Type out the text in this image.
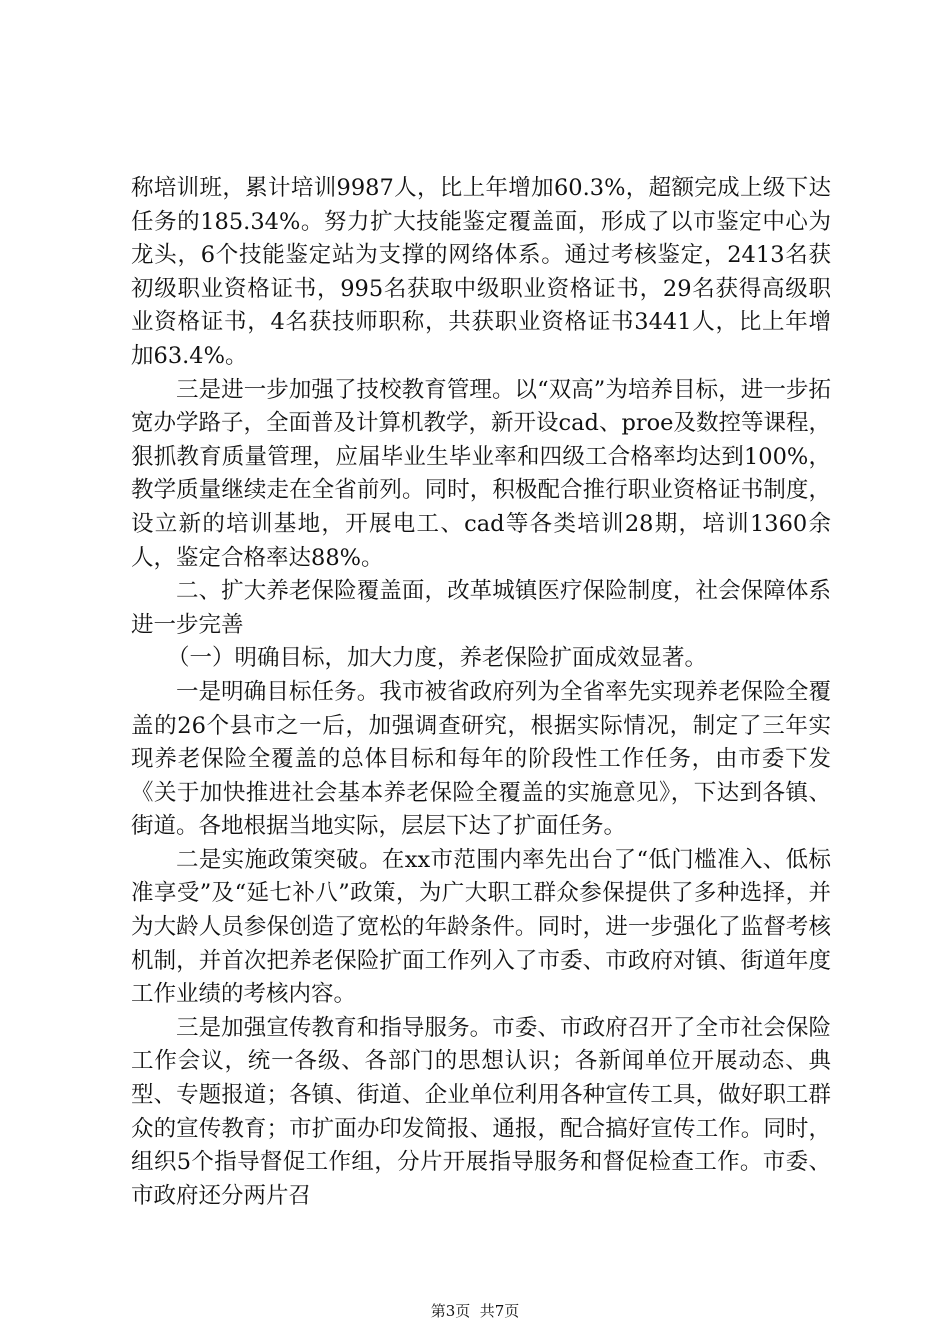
称培训班，累计培训9987人，比上年增加60.3%，超额完成上级下达任务的185.34%。努力扩大技能鉴定覆盖面，形成了以市鉴定中心为龙头，6个技能鉴定站为支撑的网络体系。通过考核鉴定，2413名获初级职业资格证书，995名获取中级职业资格证书，29名获得高级职业资格证书，4名获技师职称，共获职业资格证书3441人，比上年增加63.4%。

三是进一步加强了技校教育管理。以“双高”为培养目标，进一步拓宽办学路子，全面普及计算机教学，新开设cad、proe及数控等课程，狠抓教育质量管理，应届毕业生毕业率和四级工合格率均达到100%，教学质量继续走在全省前列。同时，积极配合推行职业资格证书制度，设立新的培训基地，开展电工、cad等各类培训28期，培训1360余人，鉴定合格率达88%。

二、扩大养老保险覆盖面，改革城镇医疗保险制度，社会保障体系进一步完善

（一）明确目标，加大力度，养老保险扩面成效显著。

一是明确目标任务。我市被省政府列为全省率先实现养老保险全覆盖的26个县市之一后，加强调查研究，根据实际情况，制定了三年实现养老保险全覆盖的总体目标和每年的阶段性工作任务，由市委下发《关于加快推进社会基本养老保险全覆盖的实施意见》，下达到各镇、街道。各地根据当地实际，层层下达了扩面任务。

二是实施政策突破。在xx市范围内率先出台了“低门槛准入、低标准享受”及“延七补八”政策，为广大职工群众参保提供了多种选择，并为大龄人员参保创造了宽松的年龄条件。同时，进一步强化了监督考核机制，并首次把养老保险扩面工作列入了市委、市政府对镇、街道年度工作业绩的考核内容。

三是加强宣传教育和指导服务。市委、市政府召开了全市社会保险工作会议，统一各级、各部门的思想认识；各新闻单位开展动态、典型、专题报道；各镇、街道、企业单位利用各种宣传工具，做好职工群众的宣传教育；市扩面办印发简报、通报，配合搞好宣传工作。同时，组织5个指导督促工作组，分片开展指导服务和督促检查工作。市委、市政府还分两片召

第3页  共7页
